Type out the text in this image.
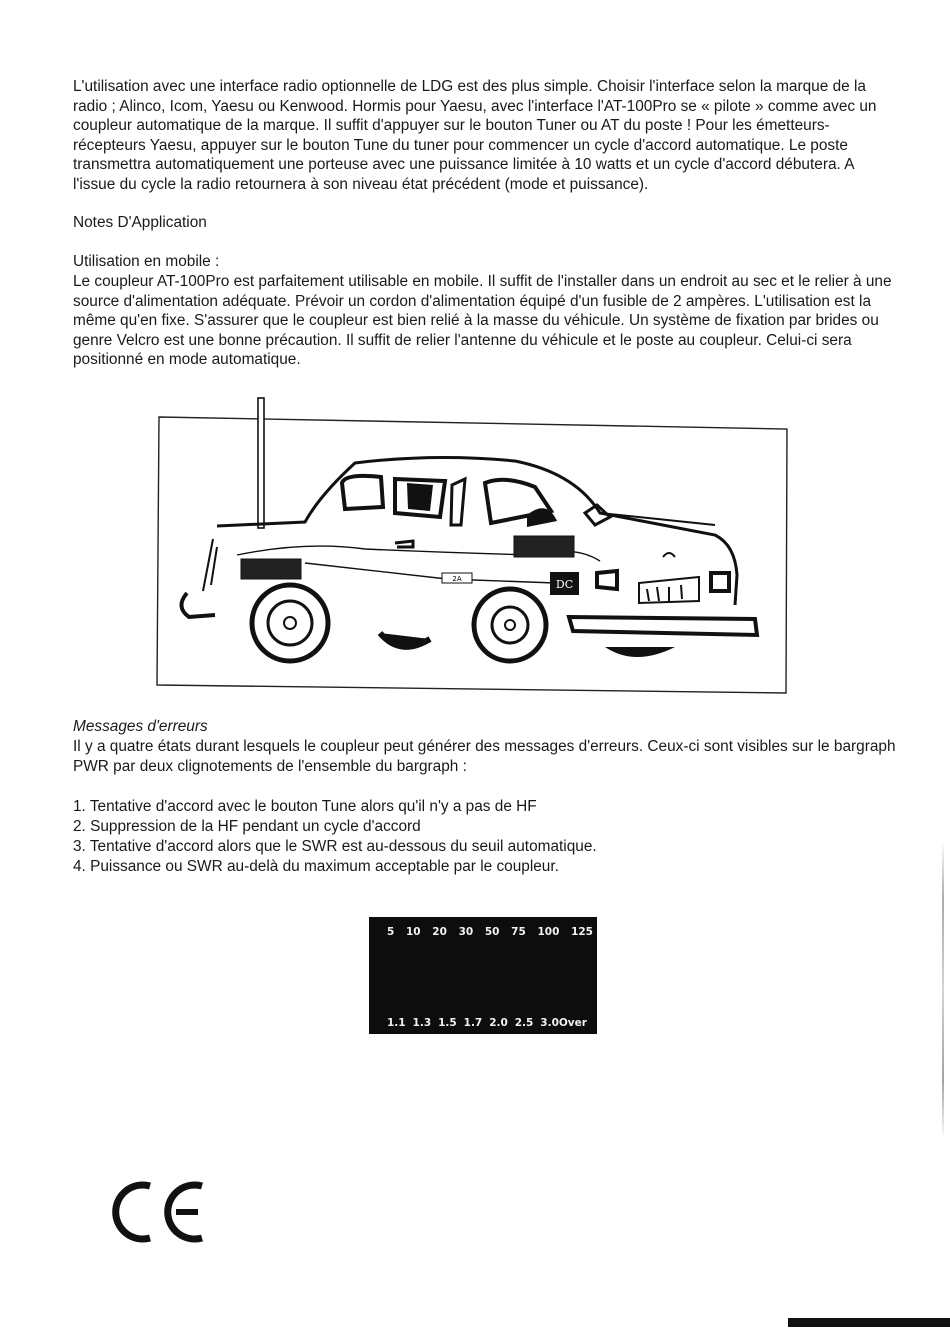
L'utilisation avec une interface radio optionnelle de LDG est des plus simple. Choisir l'interface selon la marque de la radio ; Alinco, Icom, Yaesu ou Kenwood. Hormis pour Yaesu, avec l'interface l'AT-100Pro se « pilote » comme avec un coupleur automatique de la marque. Il suffit d'appuyer sur le bouton Tuner ou AT du poste ! Pour les émetteurs-récepteurs Yaesu, appuyer sur le bouton Tune du tuner pour commencer un cycle d'accord automatique. Le poste transmettra automatiquement une porteuse avec une puissance limitée à 10 watts et un cycle d'accord débutera. A l'issue du cycle la radio retournera à son niveau état précédent (mode et puissance).

Notes D'Application

Utilisation en mobile :

Le coupleur AT-100Pro est parfaitement utilisable en mobile. Il suffit de l'installer dans un endroit au sec et le relier à une source d'alimentation adéquate. Prévoir un cordon d'alimentation équipé d'un fusible de 2 ampères. L'utilisation est la même qu'en fixe. S'assurer que le coupleur est bien relié à la masse du véhicule. Un système de fixation par brides ou genre Velcro est une bonne précaution. Il suffit de relier l'antenne du véhicule et le poste au coupleur. Celui-ci sera positionné en mode automatique.

2A	DC

Messages d'erreurs

Il y a quatre états durant lesquels le coupleur peut générer des messages d'erreurs. Ceux-ci sont visibles sur le bargraph PWR par deux clignotements de l'ensemble du bargraph :

1. Tentative d'accord avec le bouton Tune alors qu'il n'y a pas de HF
2. Suppression de la HF pendant un cycle d'accord
3. Tentative d'accord alors que le SWR est au-dessous du seuil automatique.
4. Puissance ou SWR au-delà du maximum acceptable par le coupleur.
5 10 20 30 50 75 100 125
1.1 1.3 1.5 1.7 2.0 2.5 3.0Over
